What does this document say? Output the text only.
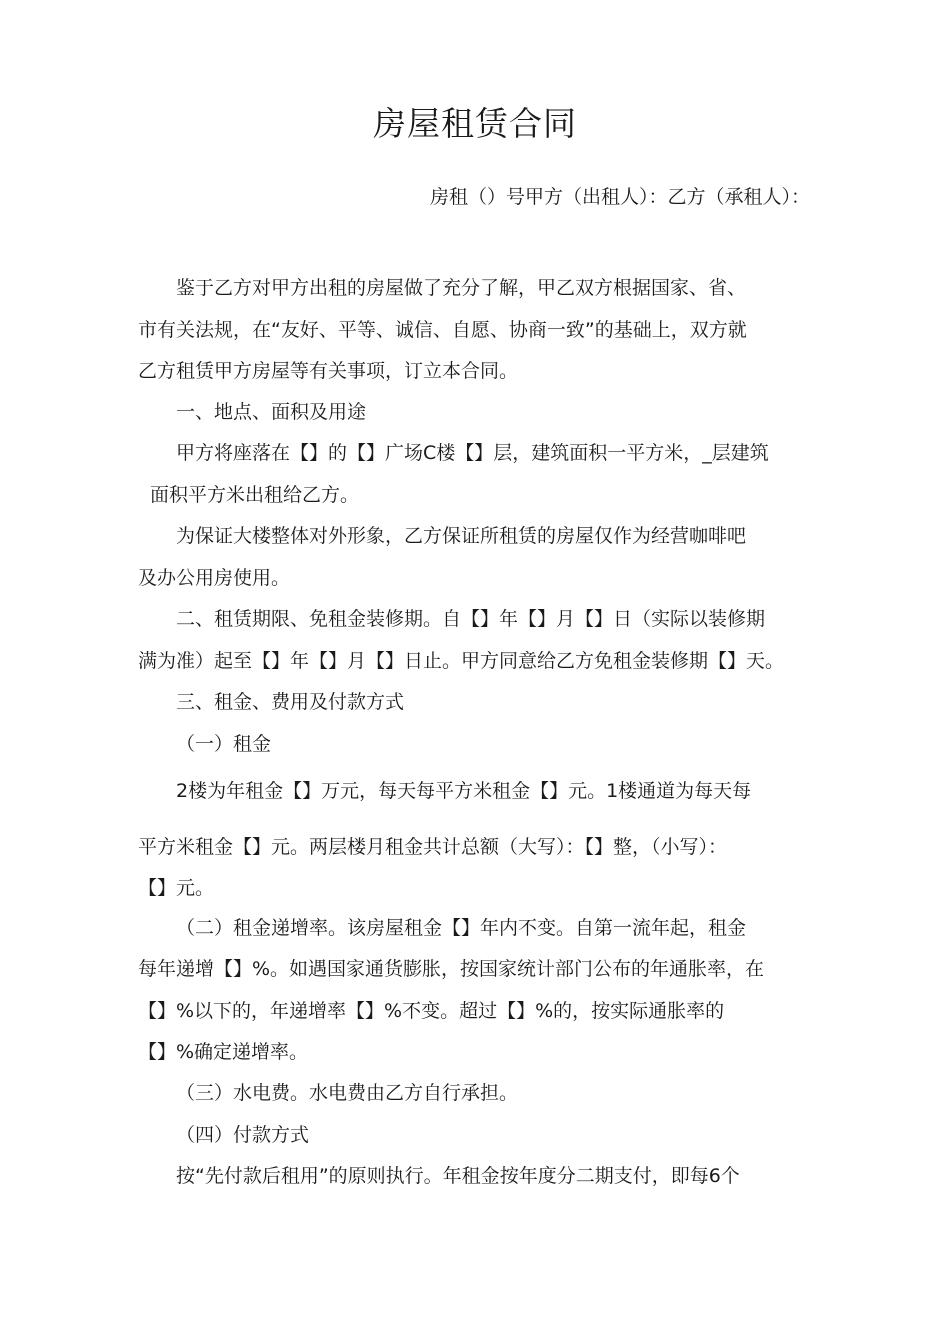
房屋租赁合同
房租（）号甲方（出租人）：乙方（承租人）：
鉴于乙方对甲方出租的房屋做了充分了解，甲乙双方根据国家、省、
市有关法规，在“友好、平等、诚信、自愿、协商一致”的基础上，双方就
乙方租赁甲方房屋等有关事项，订立本合同。
一、地点、面积及用途
甲方将座落在【】的【】广场C楼【】层，建筑面积一平方米，_层建筑
面积平方米出租给乙方。
为保证大楼整体对外形象，乙方保证所租赁的房屋仅作为经营咖啡吧
及办公用房使用。
二、租赁期限、免租金装修期。自【】年【】月【】日（实际以装修期
满为准）起至【】年【】月【】日止。甲方同意给乙方免租金装修期【】天。
三、租金、费用及付款方式
（一）租金
2楼为年租金【】万元，每天每平方米租金【】元。1楼通道为每天每
平方米租金【】元。两层楼月租金共计总额（大写）：【】整，（小写）：
【】元。
（二）租金递增率。该房屋租金【】年内不变。自第一流年起，租金
每年递增【】%。如遇国家通货膨胀，按国家统计部门公布的年通胀率，在
【】%以下的，年递增率【】%不变。超过【】%的，按实际通胀率的
【】%确定递增率。
（三）水电费。水电费由乙方自行承担。
（四）付款方式
按“先付款后租用”的原则执行。年租金按年度分二期支付，即每6个
